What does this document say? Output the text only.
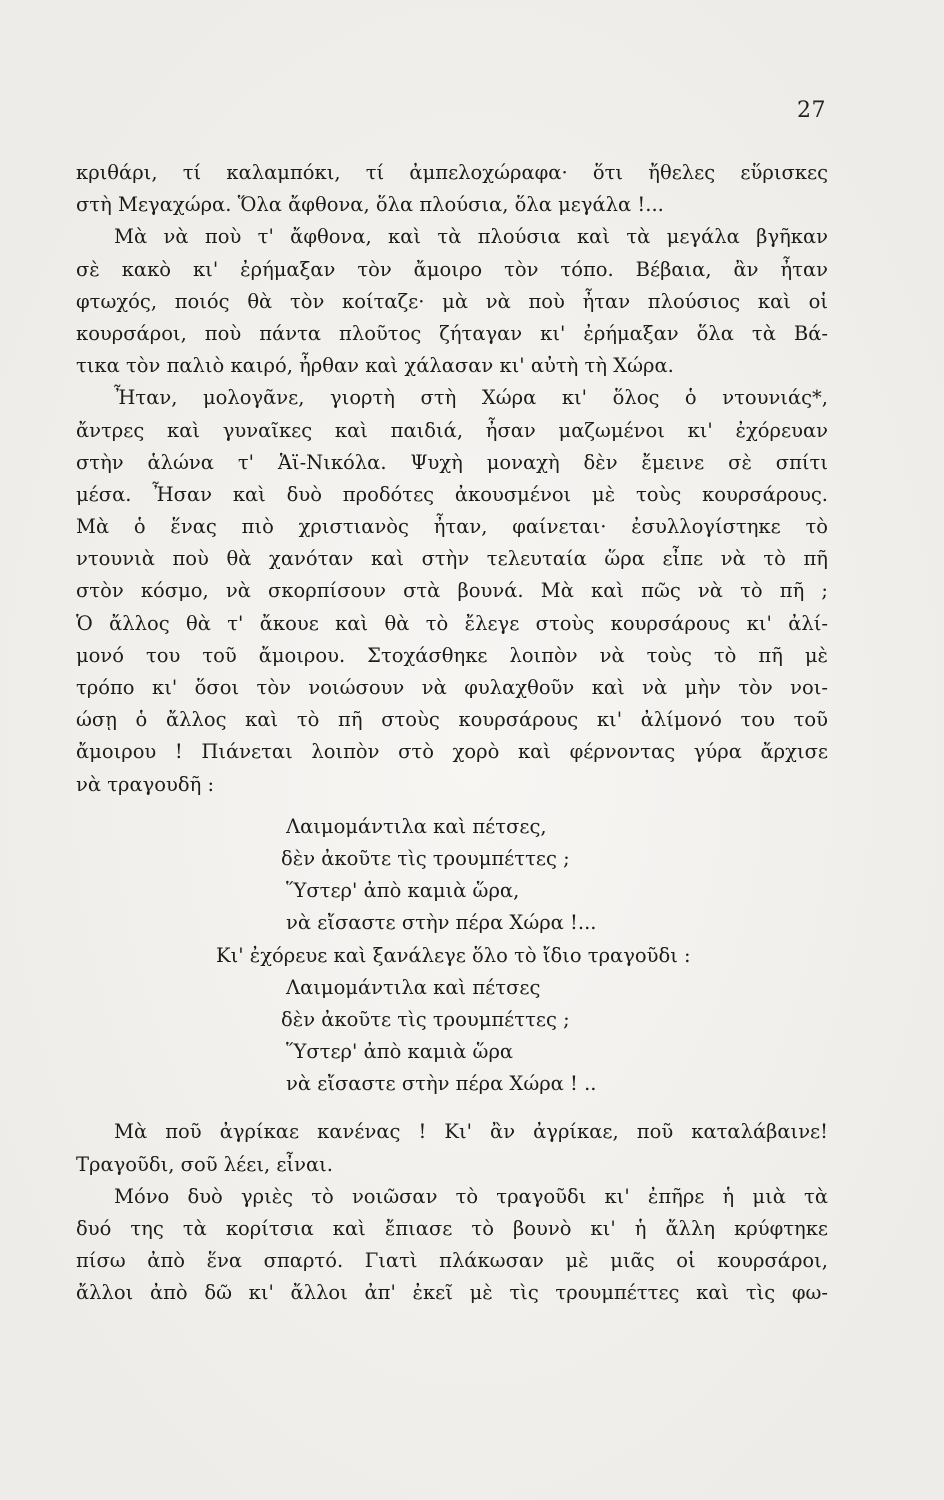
27
κριθάρι, τί καλαμπόκι, τί ἀμπελοχώραφα· ὅτι ἤθελες εὕρισκες
στὴ Μεγαχώρα. Ὅλα ἄφθονα, ὅλα πλούσια, ὅλα μεγάλα !...
Μὰ νὰ ποὺ τ' ἄφθονα, καὶ τὰ πλούσια καὶ τὰ μεγάλα βγῆκαν
σὲ κακὸ κι' ἐρήμαξαν τὸν ἄμοιρο τὸν τόπο. Βέβαια, ἂν ἦταν
φτωχός, ποιός θὰ τὸν κοίταζε· μὰ νὰ ποὺ ἦταν πλούσιος καὶ οἱ
κουρσάροι, ποὺ πάντα πλοῦτος ζήταγαν κι' ἐρήμαξαν ὅλα τὰ Βά-
τικα τὸν παλιὸ καιρό, ἦρθαν καὶ χάλασαν κι' αὐτὴ τὴ Χώρα.
Ἦταν, μολογᾶνε, γιορτὴ στὴ Χώρα κι' ὅλος ὁ ντουνιάς*,
ἄντρες καὶ γυναῖκες καὶ παιδιά, ἦσαν μαζωμένοι κι' ἐχόρευαν
στὴν ἁλώνα τ' Ἁϊ-Νικόλα. Ψυχὴ μοναχὴ δὲν ἔμεινε σὲ σπίτι
μέσα. Ἦσαν καὶ δυὸ προδότες ἀκουσμένοι μὲ τοὺς κουρσάρους.
Μὰ ὁ ἕνας πιὸ χριστιανὸς ἦταν, φαίνεται· ἐσυλλογίστηκε τὸ
ντουνιὰ ποὺ θὰ χανόταν καὶ στὴν τελευταία ὥρα εἶπε νὰ τὸ πῆ
στὸν κόσμο, νὰ σκορπίσουν στὰ βουνά. Μὰ καὶ πῶς νὰ τὸ πῆ ;
Ὁ ἄλλος θὰ τ' ἄκουε καὶ θὰ τὸ ἔλεγε στοὺς κουρσάρους κι' ἀλί-
μονό του τοῦ ἄμοιρου. Στοχάσθηκε λοιπὸν νὰ τοὺς τὸ πῆ μὲ
τρόπο κι' ὅσοι τὸν νοιώσουν νὰ φυλαχθοῦν καὶ νὰ μὴν τὸν νοι-
ώσῃ ὁ ἄλλος καὶ τὸ πῆ στοὺς κουρσάρους κι' ἀλίμονό του τοῦ
ἄμοιρου ! Πιάνεται λοιπὸν στὸ χορὸ καὶ φέρνοντας γύρα ἄρχισε
νὰ τραγουδῆ :
Λαιμομάντιλα καὶ πέτσες,
δὲν ἀκοῦτε τὶς τρουμπέττες ;
Ὕστερ' ἀπὸ καμιὰ ὥρα,
νὰ εἴσαστε στὴν πέρα Χώρα !...
Κι' ἐχόρευε καὶ ξανάλεγε ὅλο τὸ ἴδιο τραγοῦδι :
Λαιμομάντιλα καὶ πέτσες
δὲν ἀκοῦτε τὶς τρουμπέττες ;
Ὕστερ' ἀπὸ καμιὰ ὥρα
νὰ εἴσαστε στὴν πέρα Χώρα ! ..
Μὰ ποῦ ἀγρίκαε κανένας ! Κι' ἂν ἀγρίκαε, ποῦ καταλάβαινε!
Τραγοῦδι, σοῦ λέει, εἶναι.
Μόνο δυὸ γριὲς τὸ νοιῶσαν τὸ τραγοῦδι κι' ἐπῆρε ἡ μιὰ τὰ
δυό της τὰ κορίτσια καὶ ἔπιασε τὸ βουνὸ κι' ἡ ἄλλη κρύφτηκε
πίσω ἀπὸ ἕνα σπαρτό. Γιατὶ πλάκωσαν μὲ μιᾶς οἱ κουρσάροι,
ἄλλοι ἀπὸ δῶ κι' ἄλλοι ἀπ' ἐκεῖ μὲ τὶς τρουμπέττες καὶ τὶς φω-
